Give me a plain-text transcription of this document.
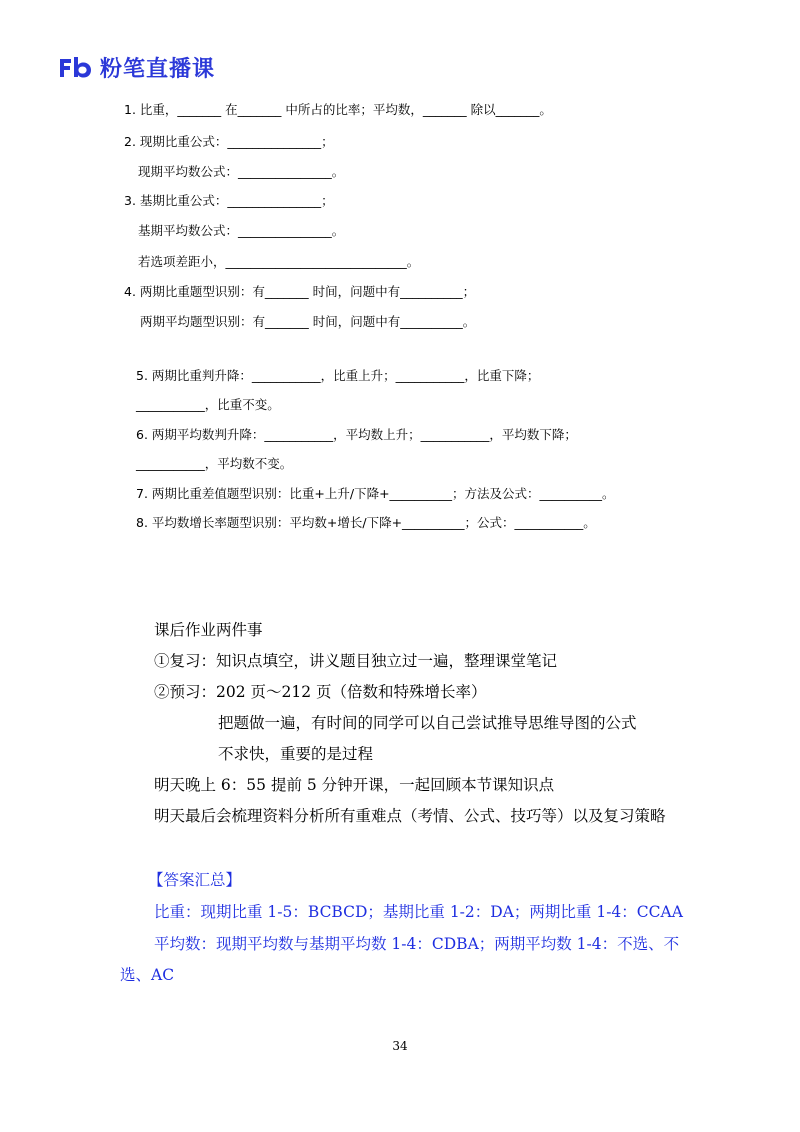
粉笔直播课
1. 比重，_______ 在_______ 中所占的比率；平均数，_______ 除以_______。
2. 现期比重公式：_______________；
现期平均数公式：_______________。
3. 基期比重公式：_______________；
基期平均数公式：_______________。
若选项差距小，_____________________________。
4. 两期比重题型识别：有_______ 时间，问题中有__________；
两期平均题型识别：有_______ 时间，问题中有__________。
5. 两期比重判升降：___________，比重上升；___________，比重下降；
___________，比重不变。
6. 两期平均数判升降：___________，平均数上升；___________，平均数下降；
___________，平均数不变。
7. 两期比重差值题型识别：比重+上升/下降+__________；方法及公式：__________。
8. 平均数增长率题型识别：平均数+增长/下降+__________；公式：___________。
课后作业两件事
①复习：知识点填空，讲义题目独立过一遍，整理课堂笔记
②预习：202 页～212 页（倍数和特殊增长率）
把题做一遍，有时间的同学可以自己尝试推导思维导图的公式
不求快，重要的是过程
明天晚上 6：55 提前 5 分钟开课，一起回顾本节课知识点
明天最后会梳理资料分析所有重难点（考情、公式、技巧等）以及复习策略
【答案汇总】
比重：现期比重 1-5：BCBCD；基期比重 1-2：DA；两期比重 1-4：CCAA
平均数：现期平均数与基期平均数 1-4：CDBA；两期平均数 1-4：不选、不
选、AC
34
